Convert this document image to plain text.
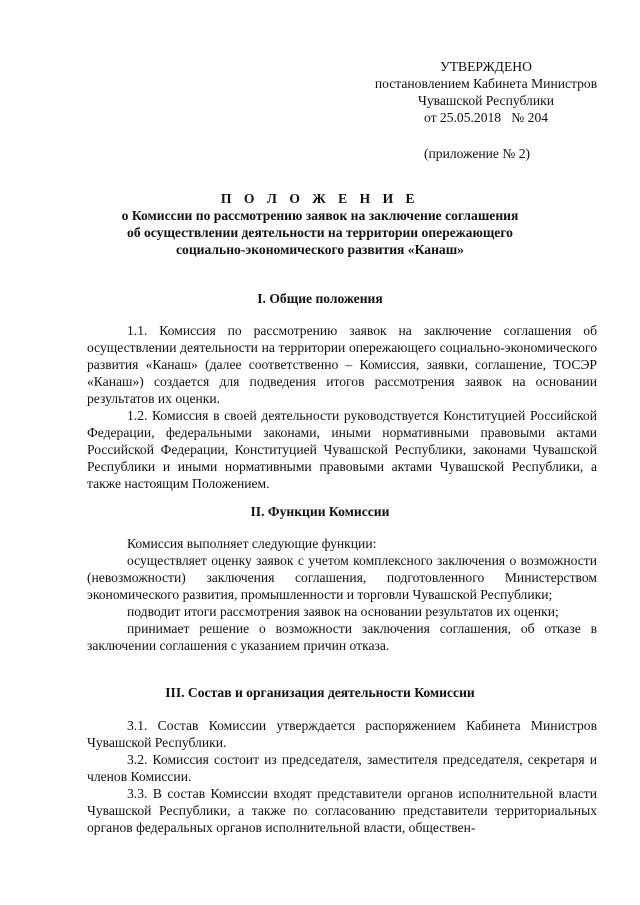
УТВЕРЖДЕНО
постановлением Кабинета Министров
Чувашской Республики
от 25.05.2018   № 204
(приложение № 2)
П О Л О Ж Е Н И Е
о Комиссии по рассмотрению заявок на заключение соглашения
об осуществлении деятельности на территории опережающего
социально-экономического развития «Канаш»
I. Общие положения

1.1. Комиссия по рассмотрению заявок на заключение соглашения об осуществлении деятельности на территории опережающего социально-экономического развития «Канаш» (далее соответственно – Комиссия, заявки, соглашение, ТОСЭР «Канаш») создается для подведения итогов рассмотрения заявок на основании результатов их оценки.

1.2. Комиссия в своей деятельности руководствуется Конституцией Российской Федерации, федеральными законами, иными нормативными правовыми актами Российской Федерации, Конституцией Чувашской Республики, законами Чувашской Республики и иными нормативными правовыми актами Чувашской Республики, а также настоящим Положением.

II. Функции Комиссии

Комиссия выполняет следующие функции:

осуществляет оценку заявок с учетом комплексного заключения о возможности (невозможности) заключения соглашения, подготовленного Министерством экономического развития, промышленности и торговли Чувашской Республики;

подводит итоги рассмотрения заявок на основании результатов их оценки;

принимает решение о возможности заключения соглашения, об отказе в заключении соглашения с указанием причин отказа.

III. Состав и организация деятельности Комиссии

3.1. Состав Комиссии утверждается распоряжением Кабинета Министров Чувашской Республики.

3.2. Комиссия состоит из председателя, заместителя председателя, секретаря и членов Комиссии.

3.3. В состав Комиссии входят представители органов исполнительной власти Чувашской Республики, а также по согласованию представители территориальных органов федеральных органов исполнительной власти, обществен-
